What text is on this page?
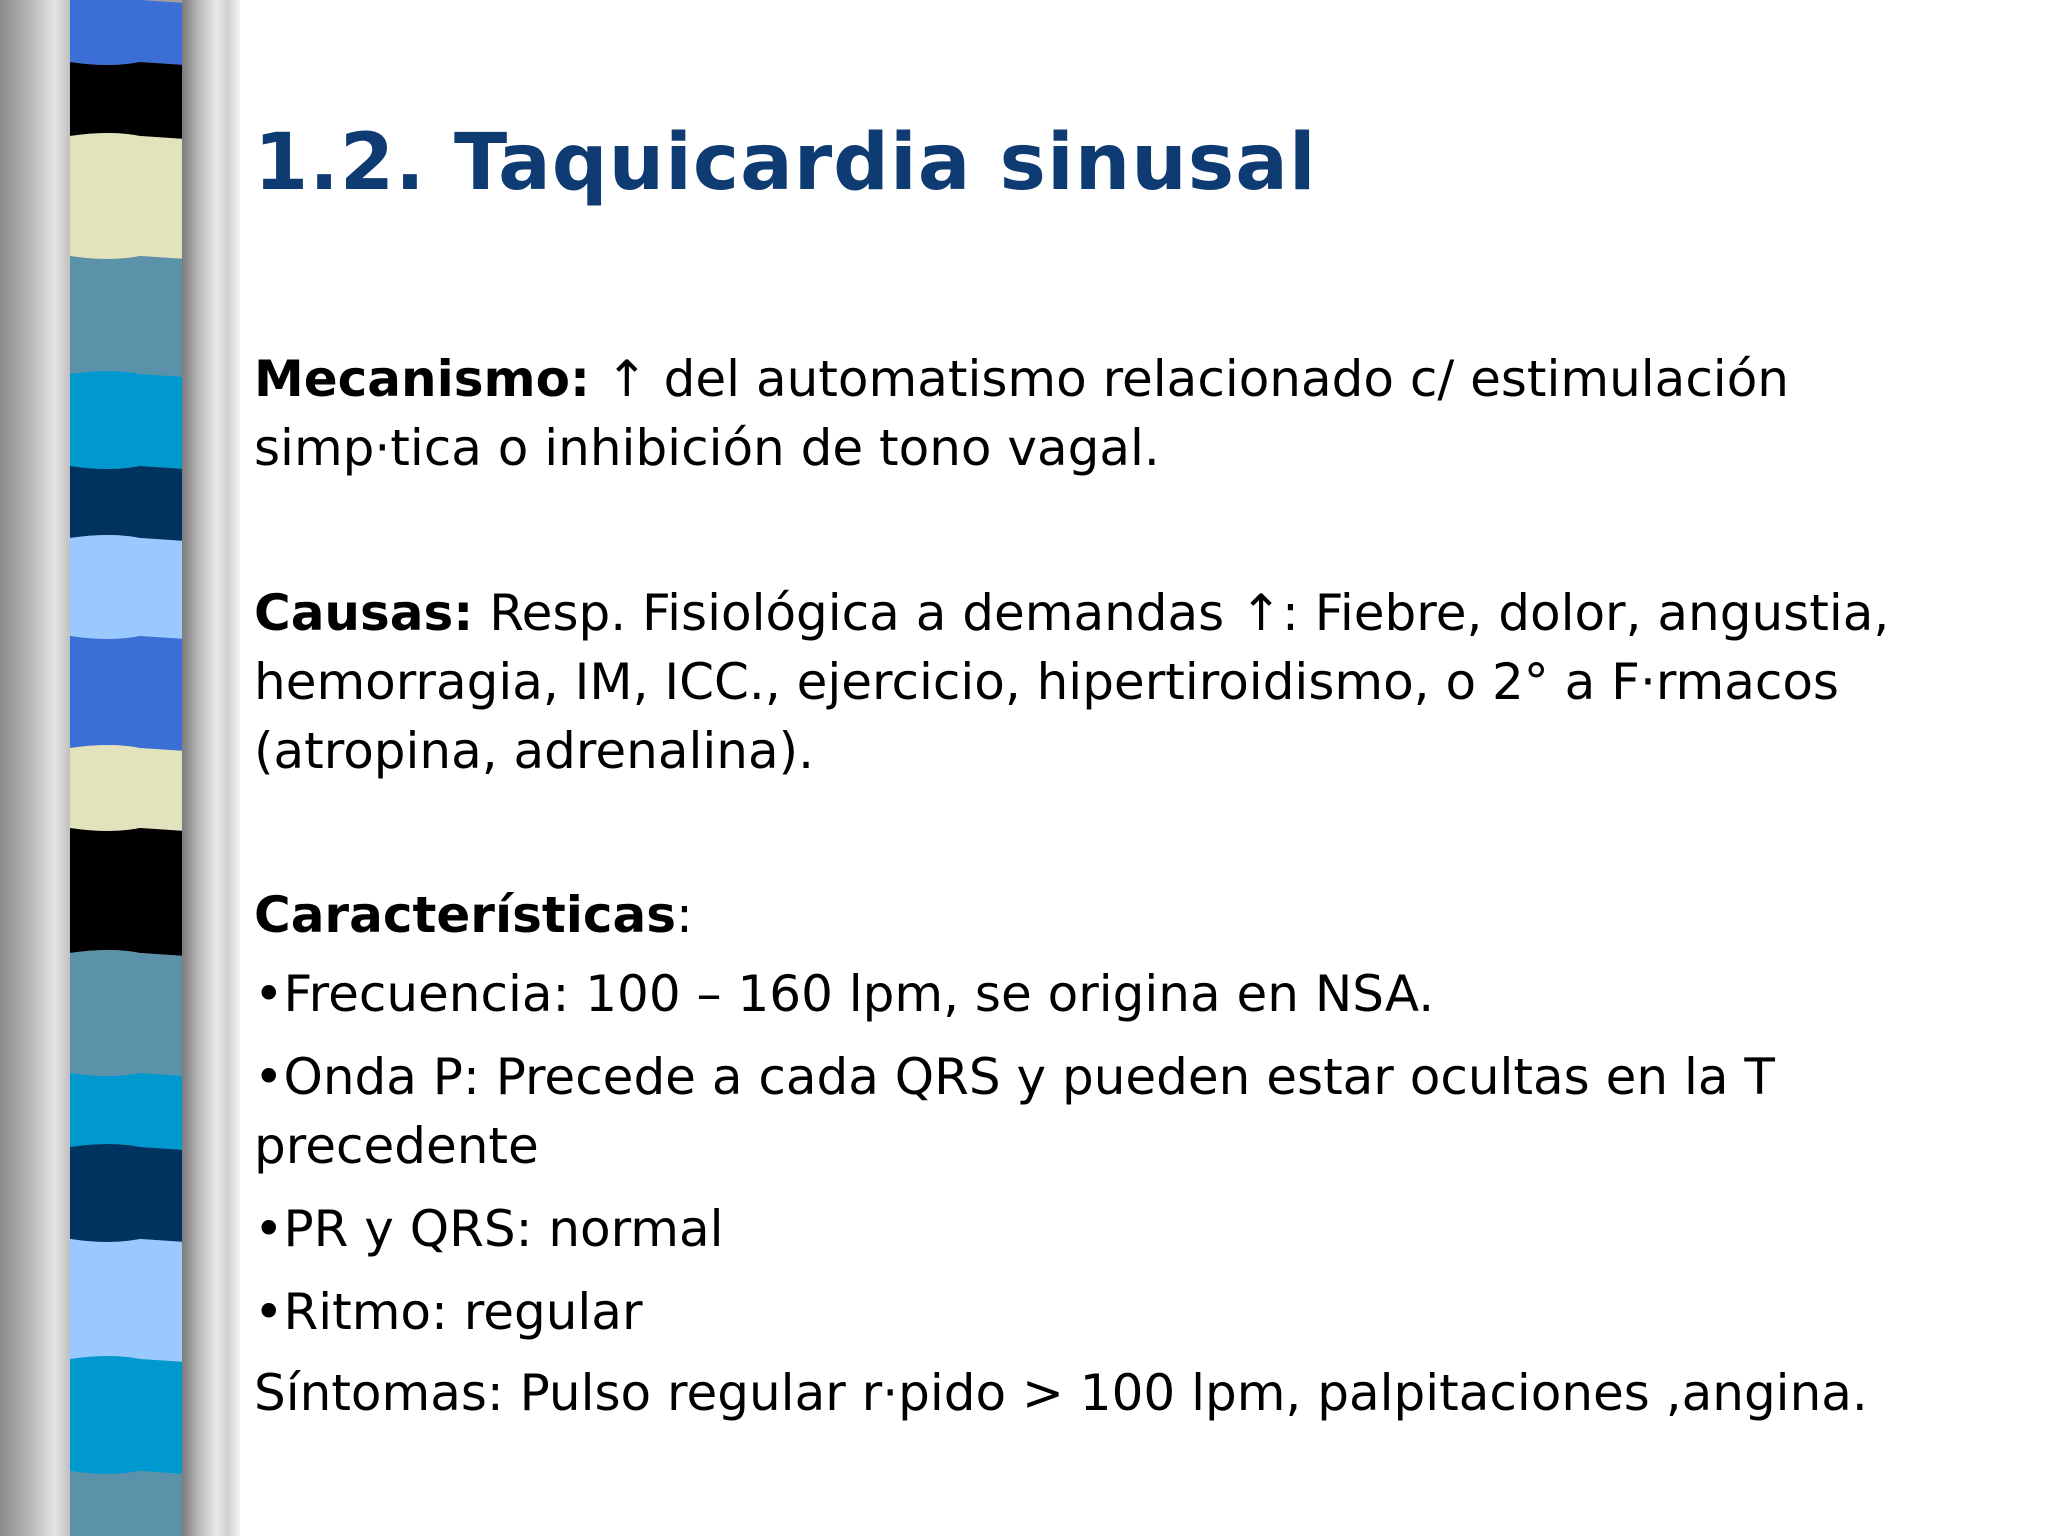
1.2. Taquicardia sinusal

Mecanismo: ↑ del automatismo relacionado c/ estimulación simp·tica o inhibición de tono vagal.

Causas: Resp. Fisiológica a demandas ↑: Fiebre, dolor, angustia, hemorragia, IM, ICC., ejercicio, hipertiroidismo, o 2° a F·rmacos (atropina, adrenalina).

Características:

•Frecuencia: 100 – 160 lpm, se origina en NSA.
•Onda P: Precede a cada QRS y pueden estar ocultas en la T precedente
•PR y QRS: normal
•Ritmo: regular

Síntomas: Pulso regular r·pido > 100 lpm, palpitaciones ,angina.
